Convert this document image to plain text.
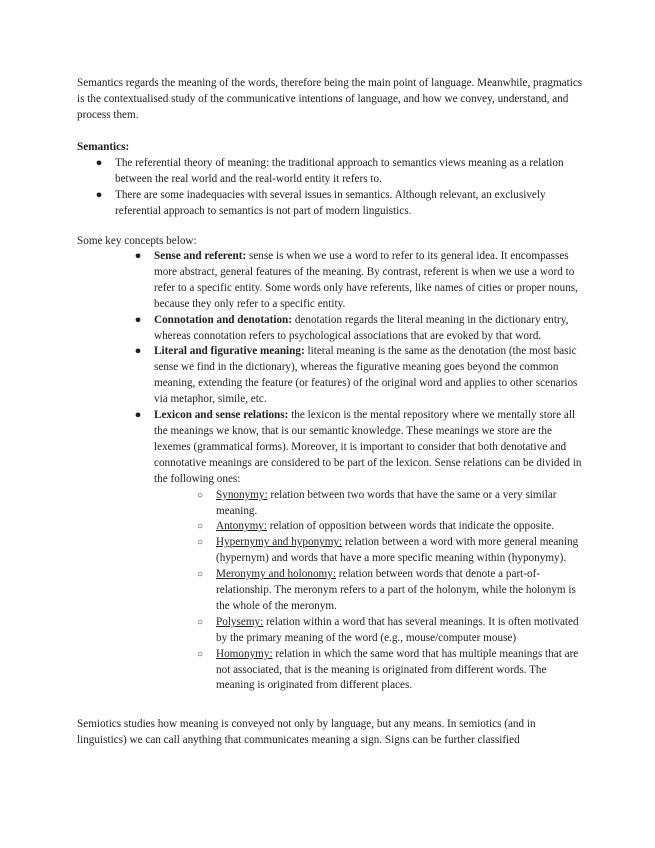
Semantics regards the meaning of the words, therefore being the main point of language. Meanwhile, pragmatics is the contextualised study of the communicative intentions of language, and how we convey, understand, and process them.

Semantics:

● The referential theory of meaning: the traditional approach to semantics views meaning as a relation between the real world and the real-world entity it refers to.
● There are some inadequacies with several issues in semantics. Although relevant, an exclusively referential approach to semantics is not part of modern linguistics.

Some key concepts below:

● Sense and referent: sense is when we use a word to refer to its general idea. It encompasses more abstract, general features of the meaning. By contrast, referent is when we use a word to refer to a specific entity. Some words only have referents, like names of cities or proper nouns, because they only refer to a specific entity.
● Connotation and denotation: denotation regards the literal meaning in the dictionary entry, whereas connotation refers to psychological associations that are evoked by that word.
● Literal and figurative meaning: literal meaning is the same as the denotation (the most basic sense we find in the dictionary), whereas the figurative meaning goes beyond the common meaning, extending the feature (or features) of the original word and applies to other scenarios via metaphor, simile, etc.
● Lexicon and sense relations: the lexicon is the mental repository where we mentally store all the meanings we know, that is our semantic knowledge. These meanings we store are the lexemes (grammatical forms). Moreover, it is important to consider that both denotative and connotative meanings are considered to be part of the lexicon. Sense relations can be divided in the following ones:
○ Synonymy: relation between two words that have the same or a very similar meaning.
○ Antonymy: relation of opposition between words that indicate the opposite.
○ Hypernymy and hyponymy: relation between a word with more general meaning (hypernym) and words that have a more specific meaning within (hyponymy).
○ Meronymy and holonomy: relation between words that denote a part-of-relationship. The meronym refers to a part of the holonym, while the holonym is the whole of the meronym.
○ Polysemy: relation within a word that has several meanings. It is often motivated by the primary meaning of the word (e.g., mouse/computer mouse)
○ Homonymy: relation in which the same word that has multiple meanings that are not associated, that is the meaning is originated from different words. The meaning is originated from different places.

Semiotics studies how meaning is conveyed not only by language, but any means. In semiotics (and in linguistics) we can call anything that communicates meaning a sign. Signs can be further classified
